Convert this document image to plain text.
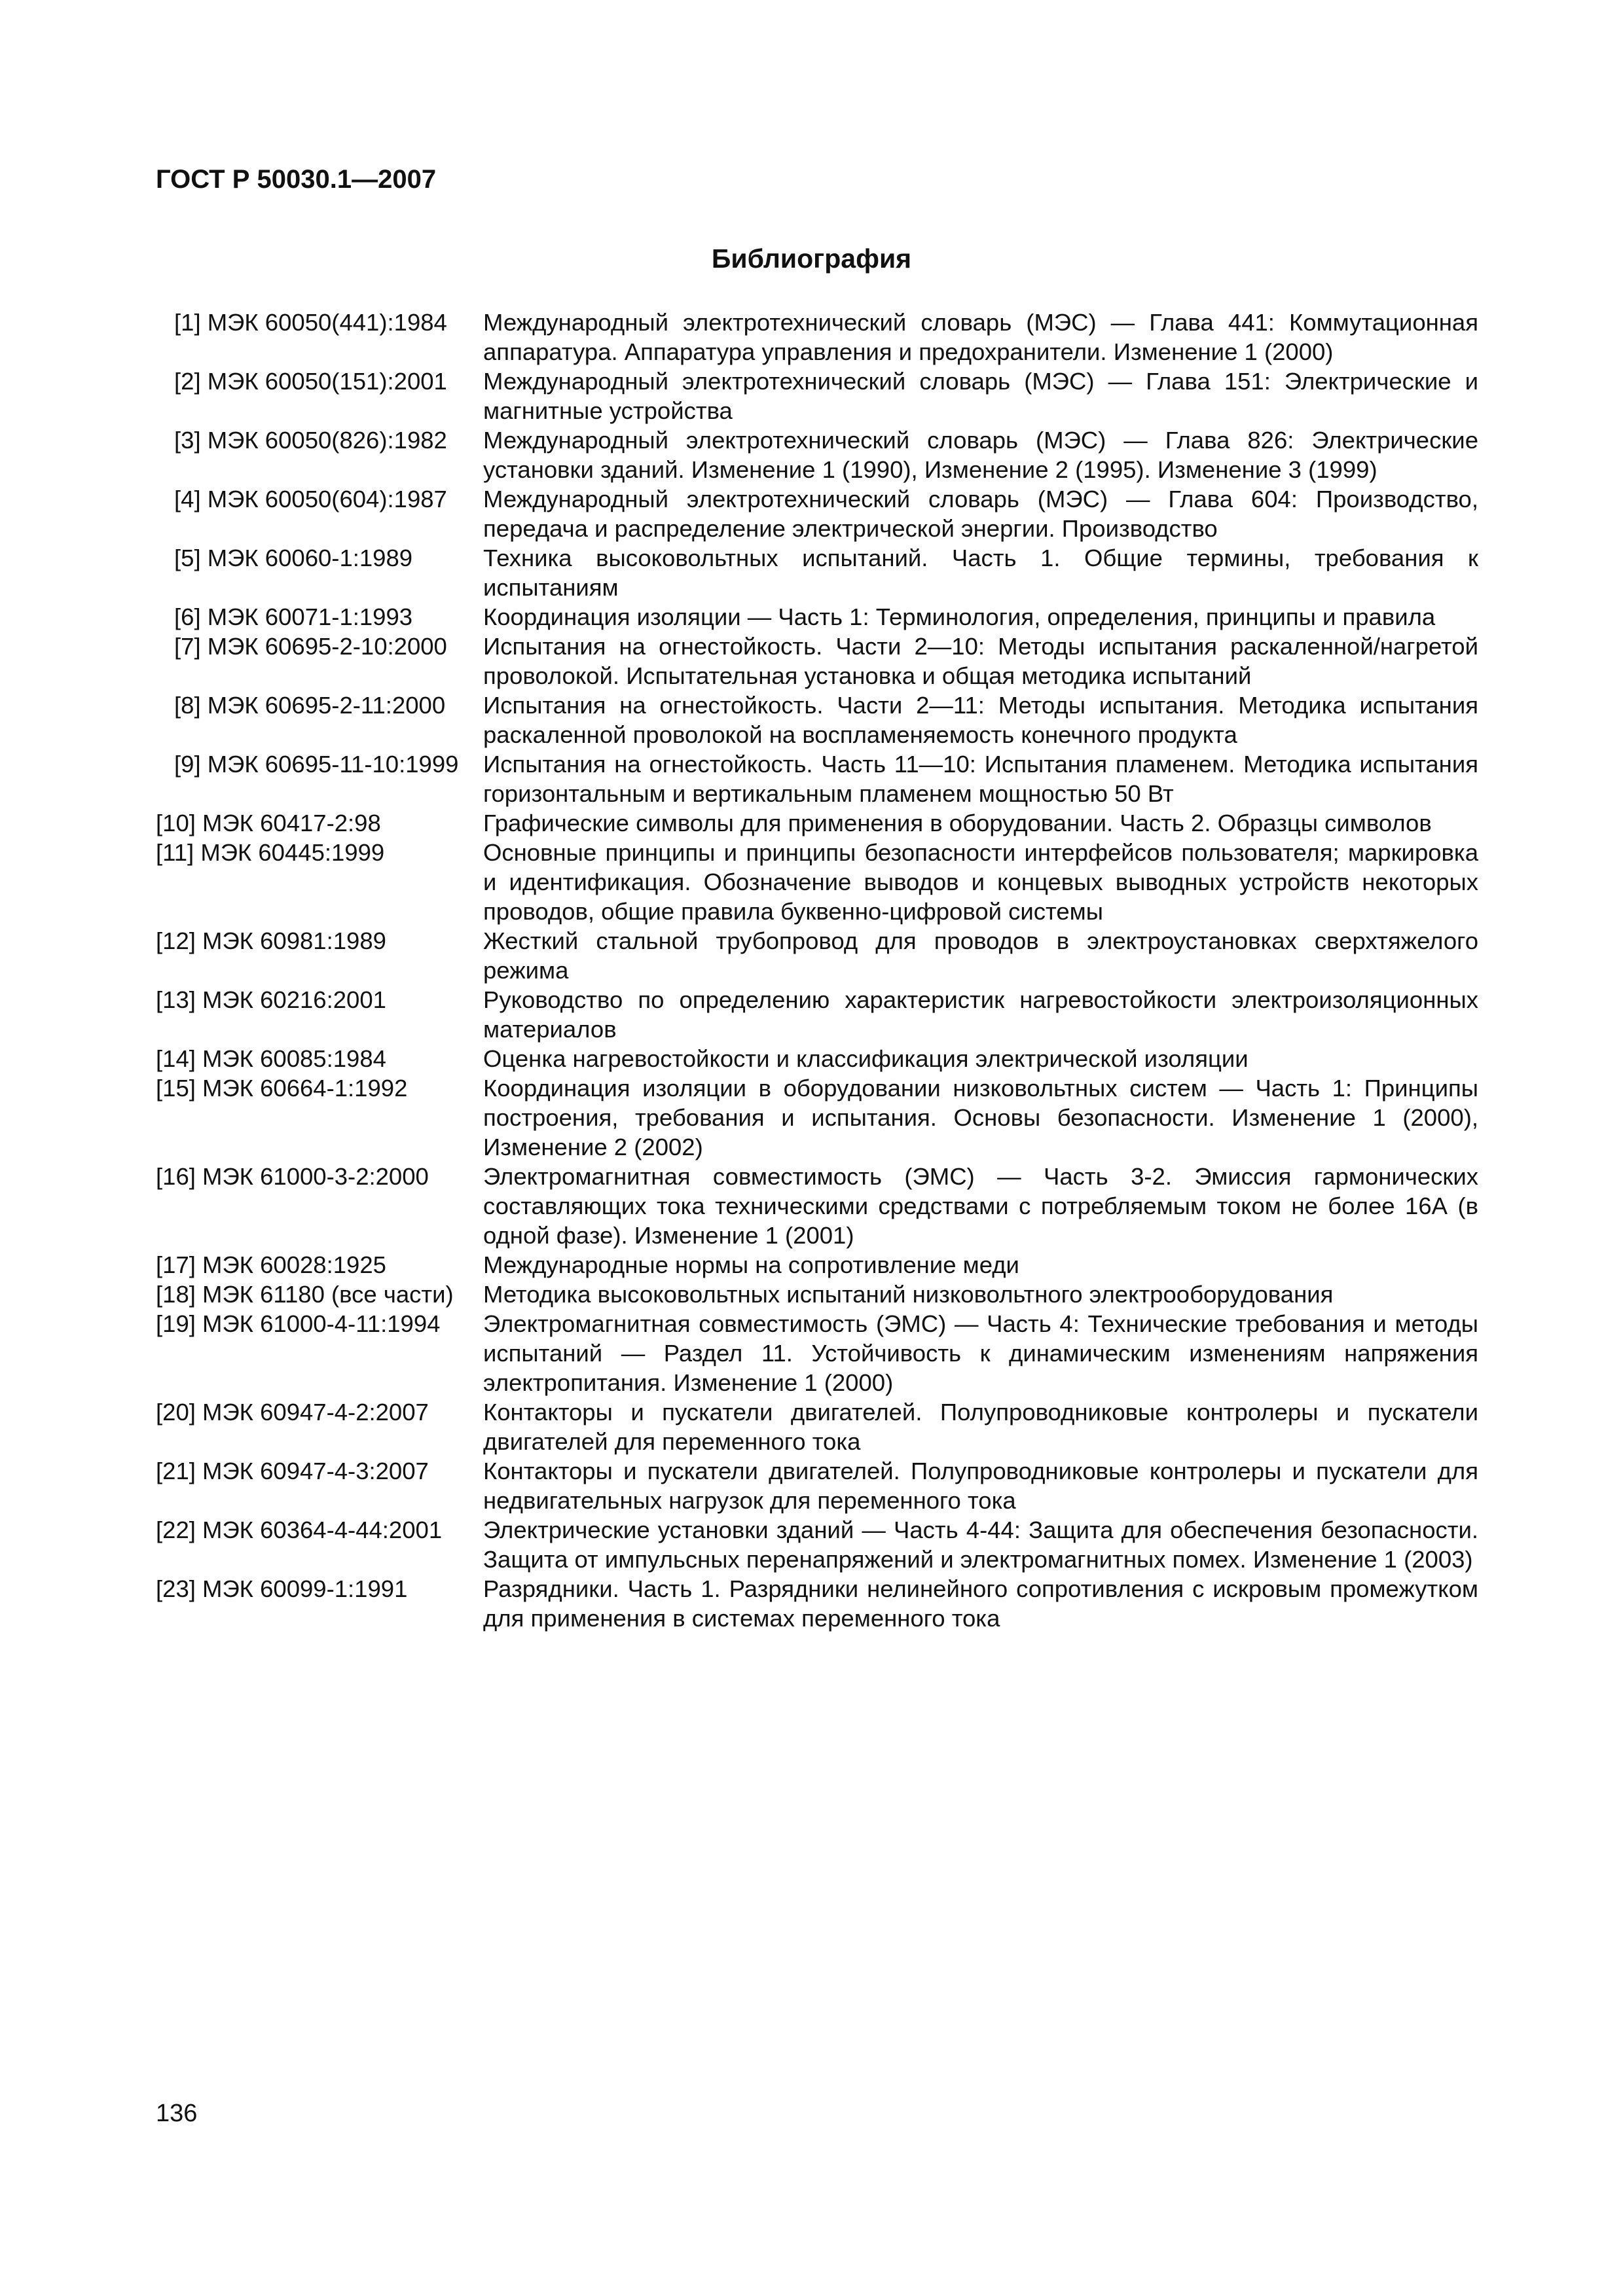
ГОСТ Р 50030.1—2007
Библиография
[1] МЭК 60050(441):1984	Международный электротехнический словарь (МЭС) — Глава 441: Коммутационная аппаратура. Аппаратура управления и предохранители. Изменение 1 (2000)
[2] МЭК 60050(151):2001	Международный электротехнический словарь (МЭС) — Глава 151: Электрические и магнитные устройства
[3] МЭК 60050(826):1982	Международный электротехнический словарь (МЭС) — Глава 826: Электрические установки зданий. Изменение 1 (1990), Изменение 2 (1995). Изменение 3 (1999)
[4] МЭК 60050(604):1987	Международный электротехнический словарь (МЭС) — Глава 604: Производство, передача и распределение электрической энергии. Производство
[5] МЭК 60060-1:1989	Техника высоковольтных испытаний. Часть 1. Общие термины, требования к испытаниям
[6] МЭК 60071-1:1993	Координация изоляции — Часть 1: Терминология, определения, принципы и правила
[7] МЭК 60695-2-10:2000	Испытания на огнестойкость. Части 2—10: Методы испытания раскаленной/нагретой проволокой. Испытательная установка и общая методика испытаний
[8] МЭК 60695-2-11:2000	Испытания на огнестойкость. Части 2—11: Методы испытания. Методика испытания раскаленной проволокой на воспламеняемость конечного продукта
[9] МЭК 60695-11-10:1999	Испытания на огнестойкость. Часть 11—10: Испытания пламенем. Методика испытания горизонтальным и вертикальным пламенем мощностью 50 Вт
[10] МЭК 60417-2:98	Графические символы для применения в оборудовании. Часть 2. Образцы символов
[11] МЭК 60445:1999	Основные принципы и принципы безопасности интерфейсов пользователя; маркировка и идентификация. Обозначение выводов и концевых выводных устройств некоторых проводов, общие правила буквенно-цифровой системы
[12] МЭК 60981:1989	Жесткий стальной трубопровод для проводов в электроустановках сверхтяжелого режима
[13] МЭК 60216:2001	Руководство по определению характеристик нагревостойкости электроизоляционных материалов
[14] МЭК 60085:1984	Оценка нагревостойкости и классификация электрической изоляции
[15] МЭК 60664-1:1992	Координация изоляции в оборудовании низковольтных систем — Часть 1: Принципы построения, требования и испытания. Основы безопасности. Изменение 1 (2000), Изменение 2 (2002)
[16] МЭК 61000-3-2:2000	Электромагнитная совместимость (ЭМС) — Часть 3-2. Эмиссия гармонических составляющих тока техническими средствами с потребляемым током не более 16А (в одной фазе). Изменение 1 (2001)
[17] МЭК 60028:1925	Международные нормы на сопротивление меди
[18] МЭК 61180 (все части)	Методика высоковольтных испытаний низковольтного электрооборудования
[19] МЭК 61000-4-11:1994	Электромагнитная совместимость (ЭМС) — Часть 4: Технические требования и методы испытаний — Раздел 11. Устойчивость к динамическим изменениям напряжения электропитания. Изменение 1 (2000)
[20] МЭК 60947-4-2:2007	Контакторы и пускатели двигателей. Полупроводниковые контролеры и пускатели двигателей для переменного тока
[21] МЭК 60947-4-3:2007	Контакторы и пускатели двигателей. Полупроводниковые контролеры и пускатели для недвигательных нагрузок для переменного тока
[22] МЭК 60364-4-44:2001	Электрические установки зданий — Часть 4-44: Защита для обеспечения безопасности. Защита от импульсных перенапряжений и электромагнитных помех. Изменение 1 (2003)
[23] МЭК 60099-1:1991	Разрядники. Часть 1. Разрядники нелинейного сопротивления с искровым промежутком для применения в системах переменного тока
136
